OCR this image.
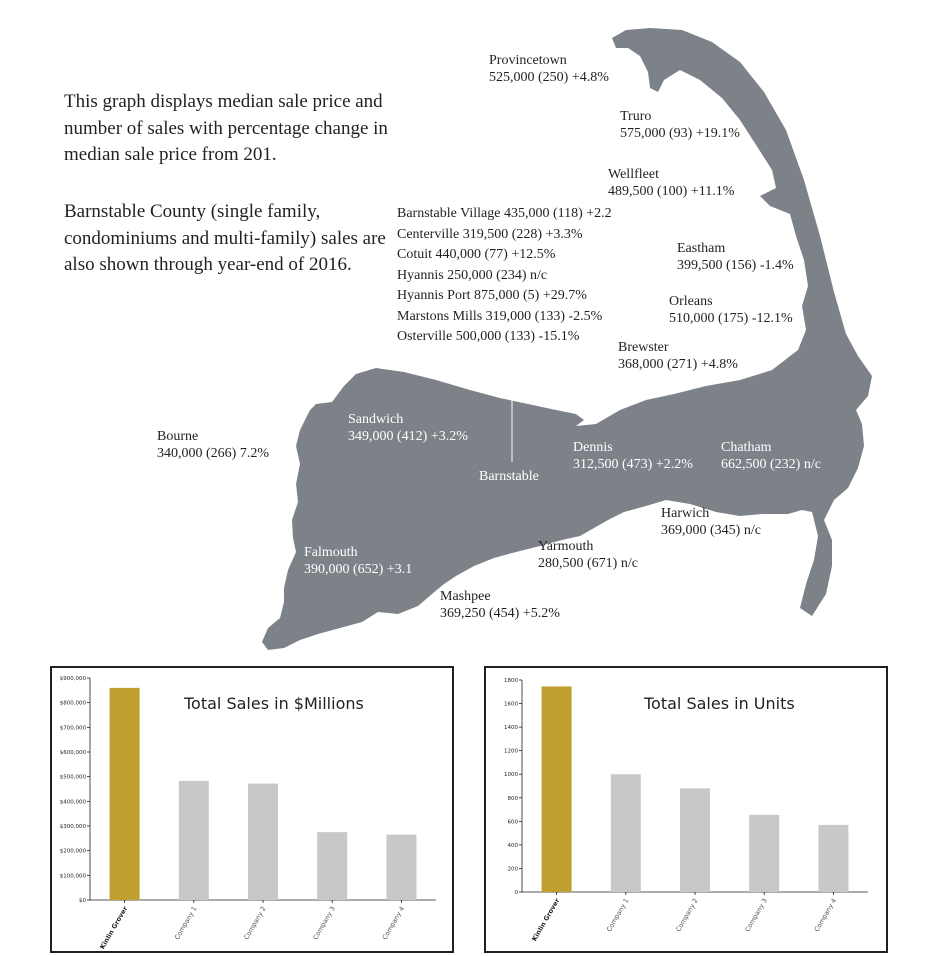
This graph displays median sale price and number of sales with percentage change in median sale price from 201.

Barnstable County (single family, condominiums and multi-family) sales are also shown through year-end of 2016.

Provincetown
525,000 (250) +4.8%
Truro
575,000 (93) +19.1%
Wellfleet
489,500 (100) +11.1%
Eastham
399,500 (156) -1.4%
Orleans
510,000 (175) -12.1%
Brewster
368,000 (271) +4.8%
Chatham
662,500 (232) n/c
Harwich
369,000 (345) n/c
Dennis
312,500 (473) +2.2%
Yarmouth
280,500 (671) n/c
Mashpee
369,250 (454) +5.2%
Falmouth
390,000 (652) +3.1
Sandwich
349,000 (412) +3.2%
Bourne
340,000 (266) 7.2%
Barnstable
Barnstable Village 435,000 (118) +2.2
Centerville 319,500 (228) +3.3%
Cotuit 440,000 (77) +12.5%
Hyannis 250,000 (234) n/c
Hyannis Port 875,000 (5) +29.7%
Marstons Mills 319,000 (133) -2.5%
Osterville 500,000 (133) -15.1%
$0
$100,000
$200,000
$300,000
$400,000
$500,000
$600,000
$700,000
$800,000
$900,000
Kinlin Grover	Company 1	Company 2	Company 3	Company 4
Total Sales in $Millions
0
200
400
600
800
1000
1200
1400
1600
1800
Kinlin Grover	Company 1	Company 2	Company 3	Company 4
Total Sales in Units
